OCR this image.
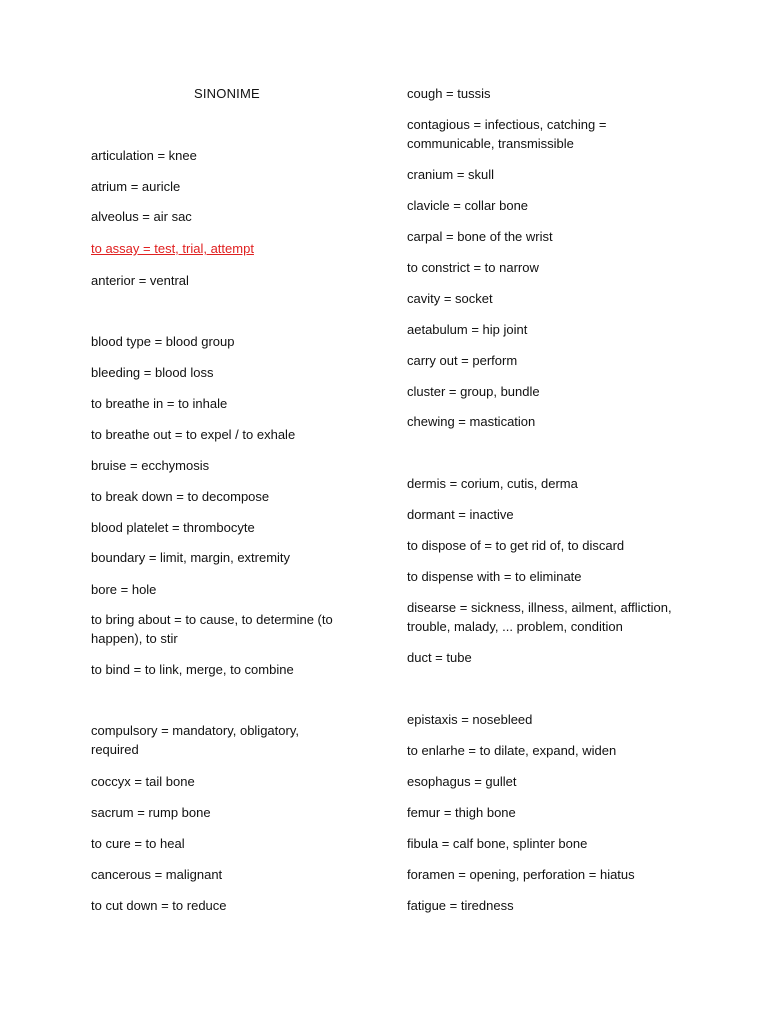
SINONIME
articulation = knee
atrium = auricle
alveolus = air sac
to assay = test, trial, attempt
anterior = ventral
blood type = blood group
bleeding = blood loss
to breathe in = to inhale
to breathe out = to expel / to exhale
bruise = ecchymosis
to break down = to decompose
blood platelet = thrombocyte
boundary = limit, margin, extremity
bore = hole
to bring about = to cause, to determine (to happen), to stir
to bind = to link, merge, to combine
compulsory = mandatory, obligatory, required
coccyx = tail bone
sacrum = rump bone
to cure = to heal
cancerous = malignant
to cut down = to reduce
cough = tussis
contagious = infectious, catching = communicable, transmissible
cranium = skull
clavicle = collar bone
carpal = bone of the wrist
to constrict = to narrow
cavity = socket
aetabulum = hip joint
carry out = perform
cluster = group, bundle
chewing = mastication
dermis = corium, cutis, derma
dormant = inactive
to dispose of = to get rid of, to discard
to dispense with = to eliminate
disearse = sickness, illness, ailment, affliction, trouble, malady, ... problem, condition
duct = tube
epistaxis = nosebleed
to enlarhe = to dilate, expand, widen
esophagus = gullet
femur = thigh bone
fibula = calf bone, splinter bone
foramen = opening, perforation = hiatus
fatigue = tiredness
